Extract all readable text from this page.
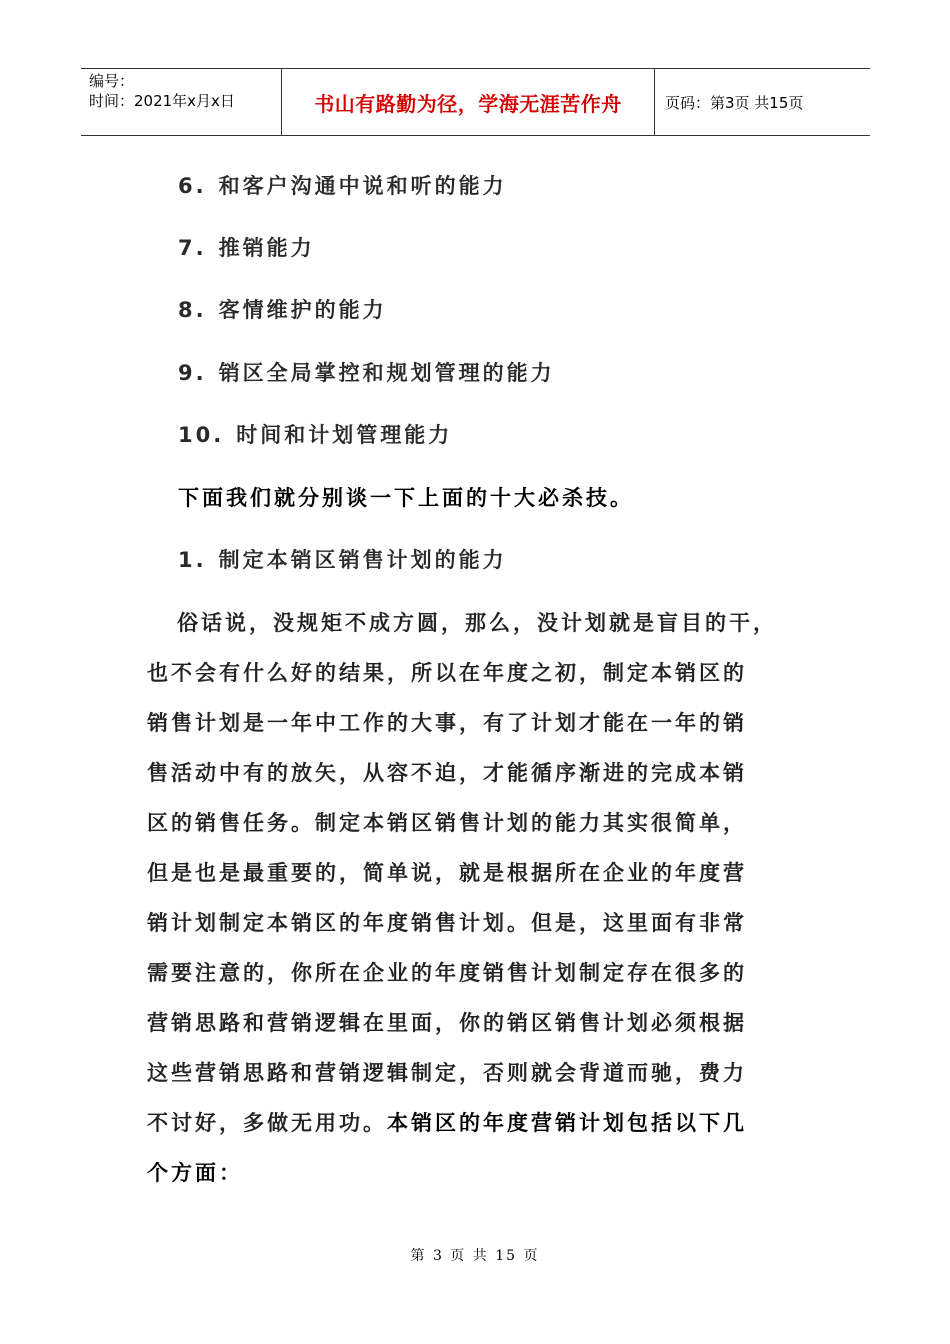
编号：
时间：2021年x月x日	书山有路勤为径，学海无涯苦作舟	页码：第3页 共15页
6. 和客户沟通中说和听的能力
7. 推销能力
8. 客情维护的能力
9. 销区全局掌控和规划管理的能力
10. 时间和计划管理能力
下面我们就分别谈一下上面的十大必杀技。
1. 制定本销区销售计划的能力
俗话说，没规矩不成方圆，那么，没计划就是盲目的干，
也不会有什么好的结果，所以在年度之初，制定本销区的
销售计划是一年中工作的大事，有了计划才能在一年的销
售活动中有的放矢，从容不迫，才能循序渐进的完成本销
区的销售任务。制定本销区销售计划的能力其实很简单，
但是也是最重要的，简单说，就是根据所在企业的年度营
销计划制定本销区的年度销售计划。但是，这里面有非常
需要注意的，你所在企业的年度销售计划制定存在很多的
营销思路和营销逻辑在里面，你的销区销售计划必须根据
这些营销思路和营销逻辑制定，否则就会背道而驰，费力
不讨好，多做无用功。本销区的年度营销计划包括以下几
个方面：
第 3 页 共 15 页
